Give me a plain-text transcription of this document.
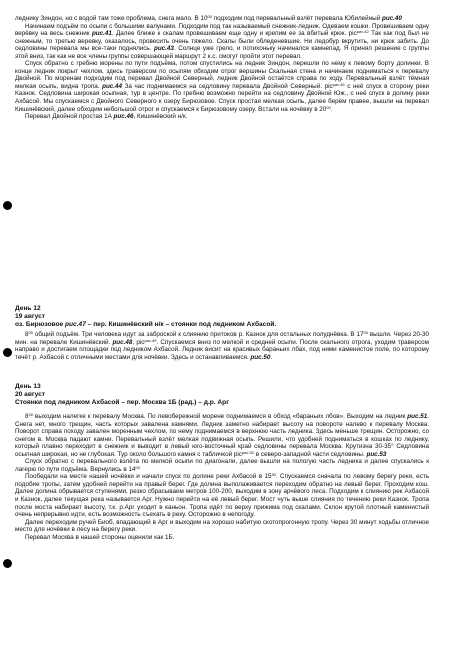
леднику Зиндон, но с водой там тоже проблема, снега мало. В $10^{00}$ подходим под перевальный взлёт перевала Юбилейный рис.40

Начинаем подъём по осыпи с большими валунами. Подходим под так называемый снежник-ледник. Одеваем кошки. Провешиваем одну верёвку на весь снежник рис.41. Далее ближе к скалам провешиваем еще одну и крепим ее за вбитый крюк. pic$^{рис.42}$ Так как под был не снежным, то третью веревку, оказалось, провесить очень тяжело. Скалы были обледеневшие. Ни ледобур вкрутить, ни крюк забить. До седловины перевала мы все-таки поднялись. рис.43. Солнце уже грело, и потихоньку начинался камнепад. Я принял решение с группы этой вниз, так как не все члены группы совершающей маршрут 2 к.с. смогут пройти этот перевал.

Спуск обратно с гребню морены по пути подъёма, потом спустились на ледник Зиндон, перешли по нему к левому борту долинки. В конце ледник покрыт чехлом, здесь траверсом по осыпям обходим отрог вершины Скальная стена и начинаем подниматься к перевалу Двойной. По моренам подходим под перевал Двойной Северный, ледник Двойной остаётся справа по ходу. Перевальный взлёт тёмная мелкая осыпь, видна тропа. рис.44 За час поднимаемся на седловину перевала Двойной Северный. pic$^{рис.45}$ с неё спуск в сторону реки Казнок. Седловина широкая осыпная, тур в центре. По гребню возможно перейти на седловину Двойной Юж., с неё спуск в долину реки Ахбасой. Мы спускаемся с Двойного Северного к озеру Бирюзовое. Спуск простая мелкая осыпь, далее берём правее, вышли на перевал Кишинёвский, далее обходим небольшой отрог и спускаемся к Бирюзовому озеру. Встали на ночёвку в $20^{00}$.

Перевал Двойной простая 1А рис.46, Кишинёвский н/к.

День 12
19 август
оз. Бирюзовое рис.47 – пер. Кишинёвский н/к – стоянки под ледником Ахбасой.

$8^{30}$ общий подъём. Три человека идут за заброской к слиянию притоков р. Казнок для остальных полуднёвка. В $17^{00}$ вышли. Через 20-30 мин. на перевале Кишинёвский. рис.48, pic$^{рис.49}$. Спускаемся вниз по мелкой и средней осыпи. После скального отрога, уходим траверсом направо и достигаем площадки под ледником Ахбасой. Ледник висит на красивых бараньих лбах, под ними каменистое поле, по которому течёт р. Ахбасой с отличными местами для ночёвки. Здесь и останавливаемся. рис.50.

День 13
20 август
Стоянки под ледником Ахбасой – пер. Москва 1Б (рад.) – д.р. Арг

$8^{30}$ выходим налегке к перевалу Москва. По левобережной морене поднимаемся в обход «бараньих лбов». Выходим на ледник рис.51. Снега нет, много трещин, часть которых завалена камнями. Ледник заметно набирает высоту на повороте налево к перевалу Москва. Поворот справа походу завален моренным чехлом, по нему поднимаемся в верхнюю часть ледника. Здесь меньше трещин. Осторожно, со снегом в. Москва падают камни. Перевальный взлёт мелкая подвижная осыпь. Решили, что удобней подниматься в кошках по леднику, который плавно переходит в снежник и выводит в левый юго-восточный край седловины перевала Москва. Крутизна 30-35° Седловина осыпная широкая, но не глубокая. Тур около большого камня с табличкой pic$^{рис.52}$ в северо-западной части седловины. рис.53

Спуск обратно с перевального взлёта по мелкой осыпи по диагонали, далее вышли на пологую часть ледника и далее спускались к лагерю по пути подъёма. Вернулись в $14^{00}$

Пообедали на месте нашей ночёвки и начали спуск по долине реки Ахбасой в $15^{30}$. Спускаемся сначала по левому берегу реки, есть подобие тропы, затем удобней перейти на правый берег. Где долина выполаживается переходим обратно на левый берег. Проходим кош. Далее долина обрывается ступенями, резко сбрасываем метров 100-200, выходим в зону арчёвого леса. Подходим к слиянию рек Ахбасой и Казнок, далее текущая река называется Арг. Нужно перейти на её левый берег. Мост чуть выше слияния по течению реки Казнок. Тропа после моста набирает высоту, т.к. р.Арг уходит в каньон. Тропа идёт по верху прижима под скалами. Склон крутой плотный каменистый очень непрерывно идти, есть возможность съехать в реку. Осторожно в непогоду.

Далее переходим ручей Биоб, впадающий в Арг и выходим на хорошо набитую скотопрогонную тропу. Через 30 минут ходьбы отличное место для ночёвки в лесу на берегу реки.

Перевал Москва в нашей стороны оценили как 1Б.
